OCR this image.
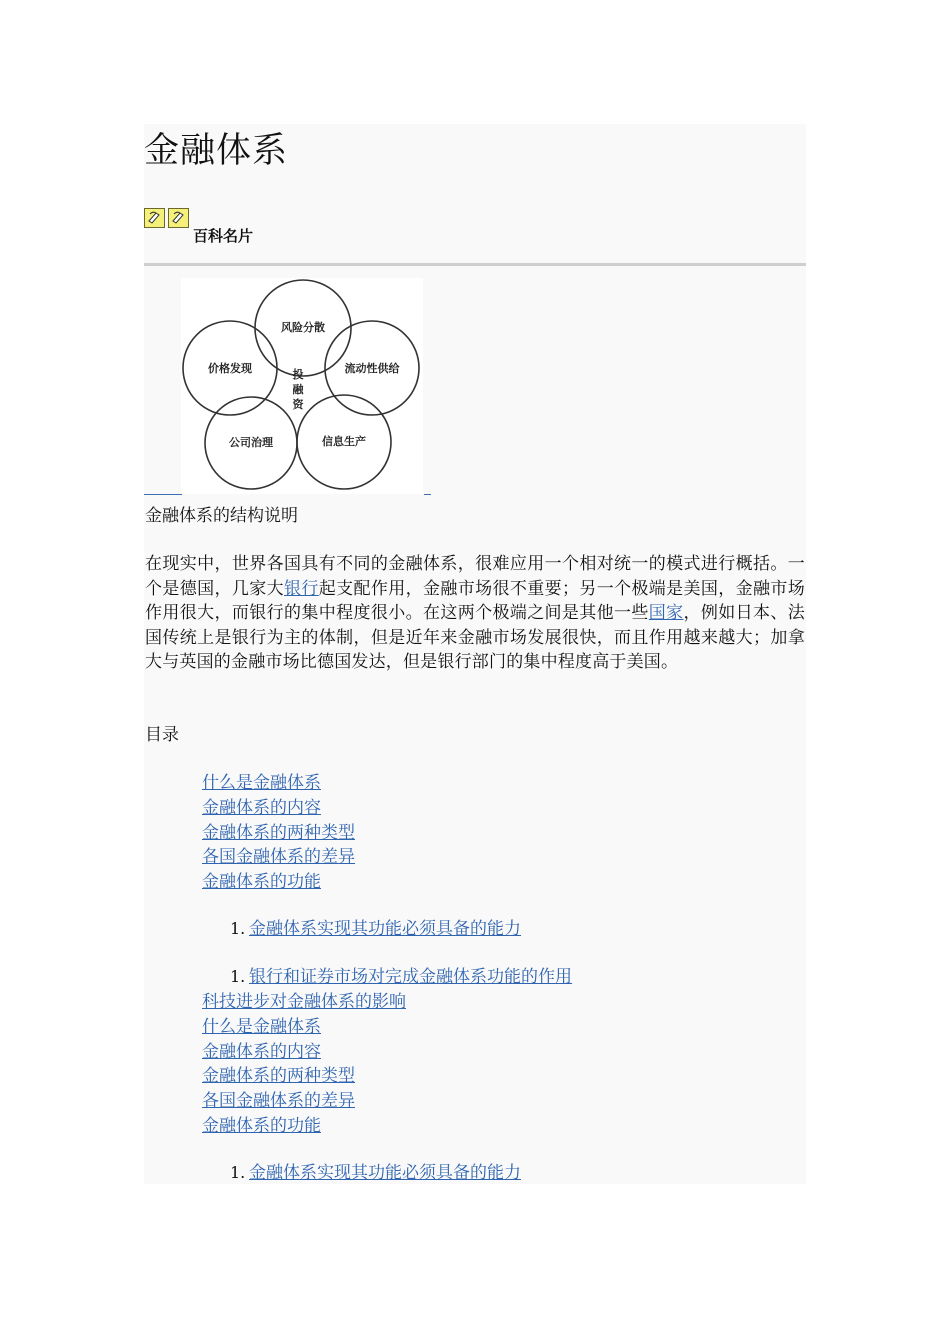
金融体系
百科名片
风险分散
价格发现	流动性供给
公司治理	信息生产
投
融
资
金融体系的结构说明

在现实中，世界各国具有不同的金融体系，很难应用一个相对统一的模式进行概括。一个是德国，几家大银行起支配作用，金融市场很不重要；另一个极端是美国，金融市场作用很大，而银行的集中程度很小。在这两个极端之间是其他一些国家，例如日本、法国传统上是银行为主的体制，但是近年来金融市场发展很快，而且作用越来越大；加拿大与英国的金融市场比德国发达，但是银行部门的集中程度高于美国。

目录
什么是金融体系
金融体系的内容
金融体系的两种类型
各国金融体系的差异
金融体系的功能
1. 金融体系实现其功能必须具备的能力
1. 银行和证券市场对完成金融体系功能的作用
科技进步对金融体系的影响
什么是金融体系
金融体系的内容
金融体系的两种类型
各国金融体系的差异
金融体系的功能
1. 金融体系实现其功能必须具备的能力
